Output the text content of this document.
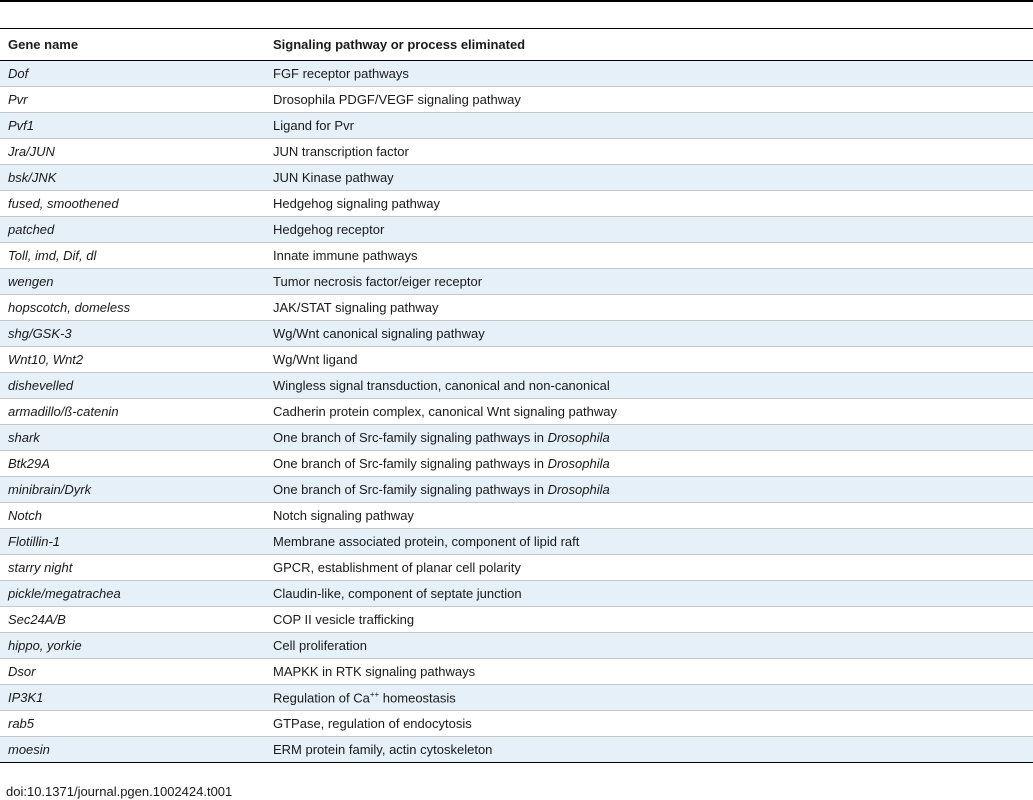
Gene name	Signaling pathway or process eliminated
Dof	FGF receptor pathways
Pvr	Drosophila PDGF/VEGF signaling pathway
Pvf1	Ligand for Pvr
Jra/JUN	JUN transcription factor
bsk/JNK	JUN Kinase pathway
fused, smoothened	Hedgehog signaling pathway
patched	Hedgehog receptor
Toll, imd, Dif, dl	Innate immune pathways
wengen	Tumor necrosis factor/eiger receptor
hopscotch, domeless	JAK/STAT signaling pathway
shg/GSK-3	Wg/Wnt canonical signaling pathway
Wnt10, Wnt2	Wg/Wnt ligand
dishevelled	Wingless signal transduction, canonical and non-canonical
armadillo/ß-catenin	Cadherin protein complex, canonical Wnt signaling pathway
shark	One branch of Src-family signaling pathways in Drosophila
Btk29A	One branch of Src-family signaling pathways in Drosophila
minibrain/Dyrk	One branch of Src-family signaling pathways in Drosophila
Notch	Notch signaling pathway
Flotillin-1	Membrane associated protein, component of lipid raft
starry night	GPCR, establishment of planar cell polarity
pickle/megatrachea	Claudin-like, component of septate junction
Sec24A/B	COP II vesicle trafficking
hippo, yorkie	Cell proliferation
Dsor	MAPKK in RTK signaling pathways
IP3K1	Regulation of Ca++ homeostasis
rab5	GTPase, regulation of endocytosis
moesin	ERM protein family, actin cytoskeleton
doi:10.1371/journal.pgen.1002424.t001
